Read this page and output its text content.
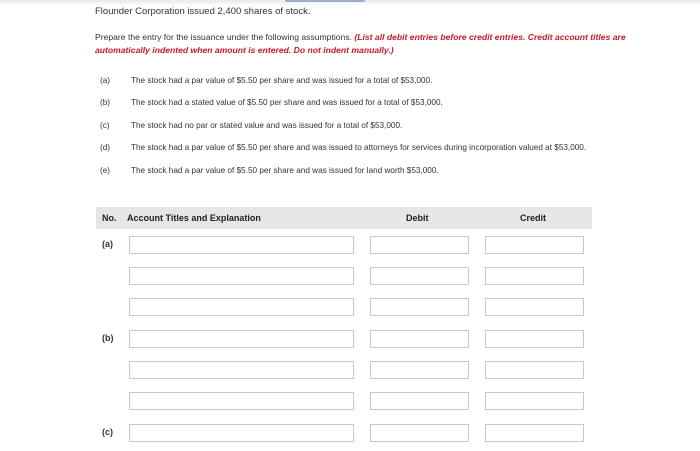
Flounder Corporation issued 2,400 shares of stock.
Prepare the entry for the issuance under the following assumptions. (List all debit entries before credit entries. Credit account titles are automatically indented when amount is entered. Do not indent manually.)
(a)	The stock had a par value of $5.50 per share and was issued for a total of $53,000.
(b)	The stock had a stated value of $5.50 per share and was issued for a total of $53,000.
(c)	The stock had no par or stated value and was issued for a total of $53,000.
(d)	The stock had a par value of $5.50 per share and was issued to attorneys for services during incorporation valued at $53,000.
(e)	The stock had a par value of $5.50 per share and was issued for land worth $53,000.
No. Account Titles and Explanation	Debit	Credit
(a)
(b)
(c)
